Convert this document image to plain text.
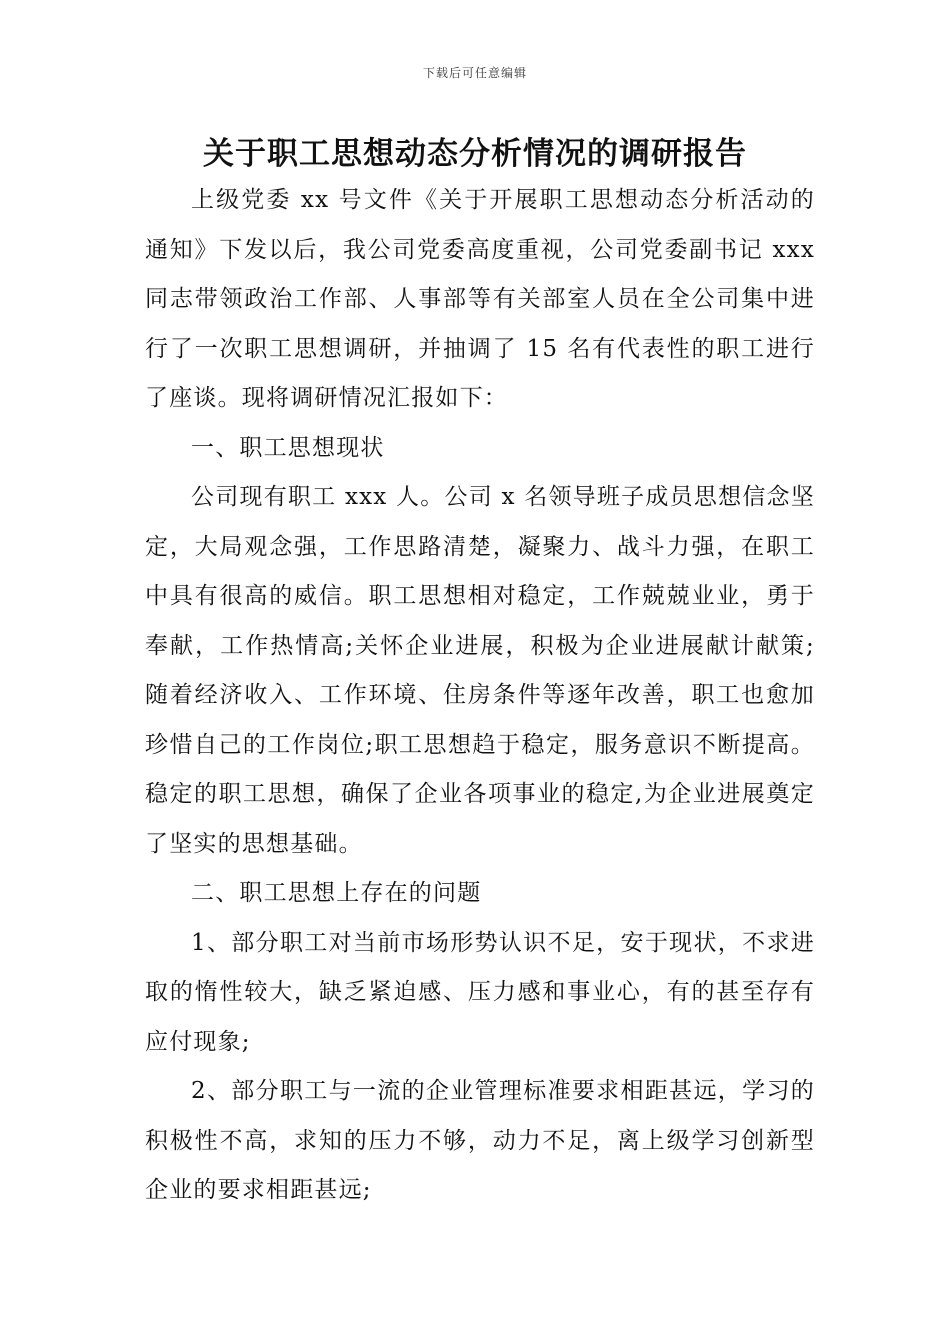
下载后可任意编辑
关于职工思想动态分析情况的调研报告

上级党委 xx 号文件《关于开展职工思想动态分析活动的通知》下发以后，我公司党委高度重视，公司党委副书记 xxx 同志带领政治工作部、人事部等有关部室人员在全公司集中进行了一次职工思想调研，并抽调了 15 名有代表性的职工进行了座谈。现将调研情况汇报如下：

一、职工思想现状

公司现有职工 xxx 人。公司 x 名领导班子成员思想信念坚定，大局观念强，工作思路清楚，凝聚力、战斗力强，在职工中具有很高的威信。职工思想相对稳定，工作兢兢业业，勇于奉献，工作热情高;关怀企业进展，积极为企业进展献计献策;随着经济收入、工作环境、住房条件等逐年改善，职工也愈加珍惜自己的工作岗位;职工思想趋于稳定，服务意识不断提高。稳定的职工思想，确保了企业各项事业的稳定,为企业进展奠定了坚实的思想基础。

二、职工思想上存在的问题

1、部分职工对当前市场形势认识不足，安于现状，不求进取的惰性较大，缺乏紧迫感、压力感和事业心，有的甚至存有应付现象;

2、部分职工与一流的企业管理标准要求相距甚远，学习的积极性不高，求知的压力不够，动力不足，离上级学习创新型企业的要求相距甚远;
